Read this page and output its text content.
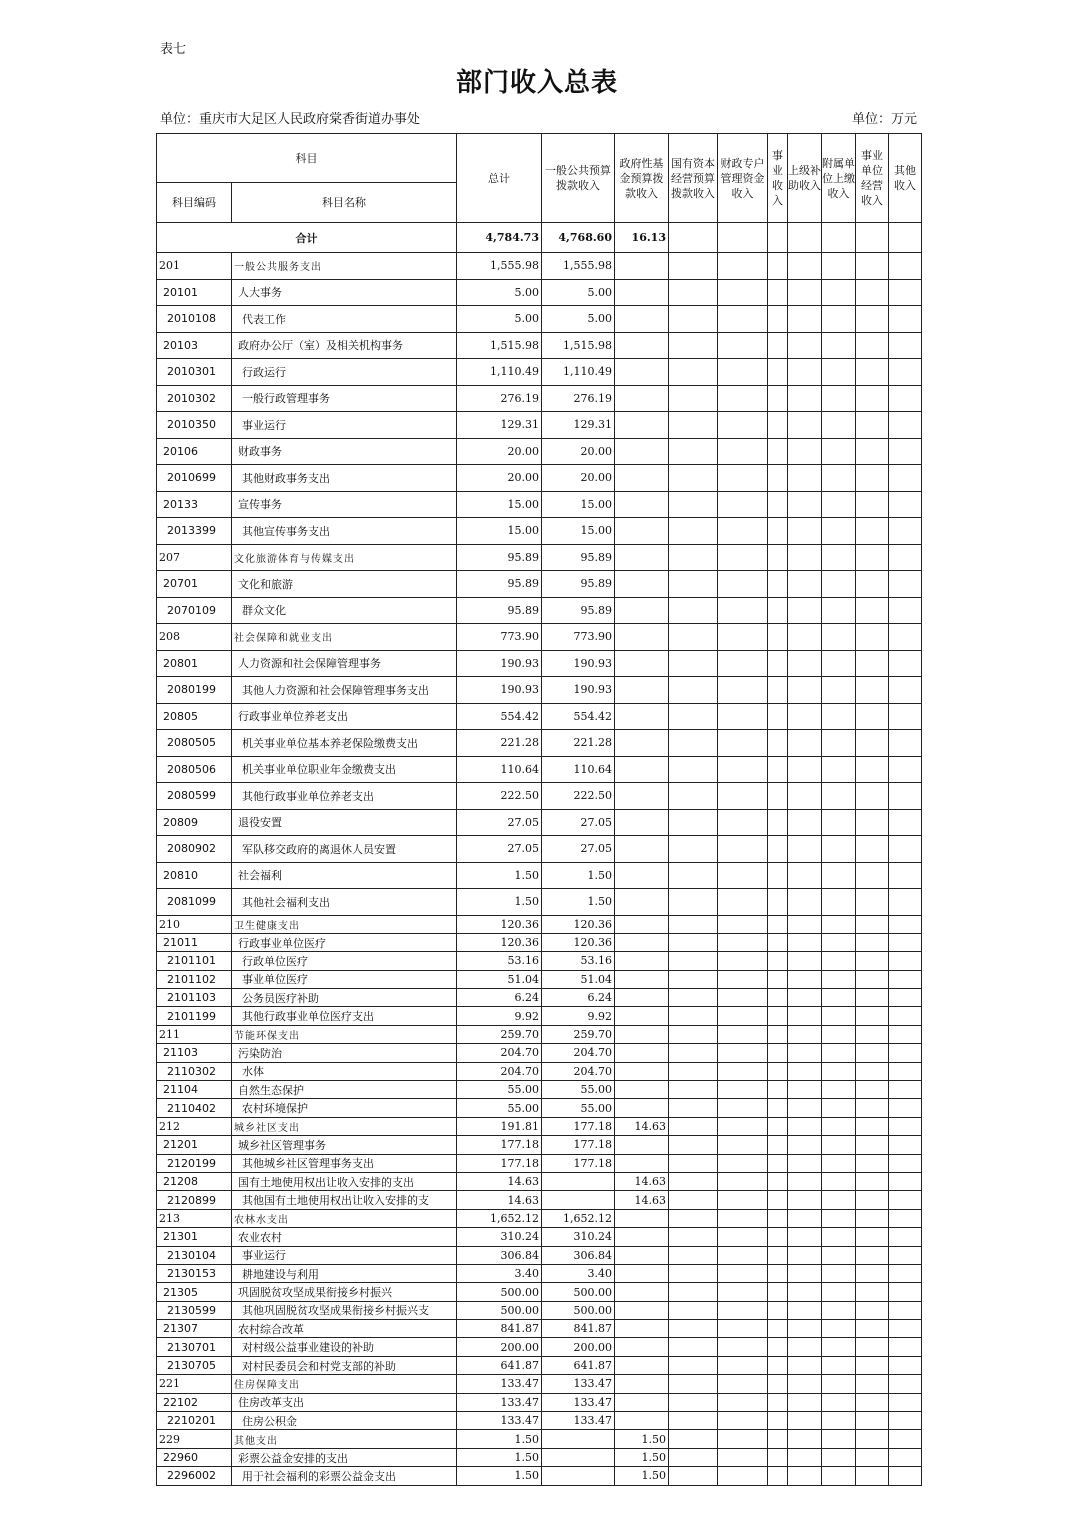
表七
部门收入总表
单位：重庆市大足区人民政府棠香街道办事处	单位：万元
科目		总计	一般公共预算拨款收入	政府性基金预算拨款收入	国有资本经营预算拨款收入	财政专户管理资金收入	事业收入	上级补助收入	附属单位上缴收入	事业单位经营收入	其他收入
科目编码	科目名称										
合计		4,784.73	4,768.60	16.13							
201	一般公共服务支出	1,555.98	1,555.98								
20101	人大事务	5.00	5.00								
2010108	代表工作	5.00	5.00								
20103	政府办公厅（室）及相关机构事务	1,515.98	1,515.98								
2010301	行政运行	1,110.49	1,110.49								
2010302	一般行政管理事务	276.19	276.19								
2010350	事业运行	129.31	129.31								
20106	财政事务	20.00	20.00								
2010699	其他财政事务支出	20.00	20.00								
20133	宣传事务	15.00	15.00								
2013399	其他宣传事务支出	15.00	15.00								
207	文化旅游体育与传媒支出	95.89	95.89								
20701	文化和旅游	95.89	95.89								
2070109	群众文化	95.89	95.89								
208	社会保障和就业支出	773.90	773.90								
20801	人力资源和社会保障管理事务	190.93	190.93								
2080199	其他人力资源和社会保障管理事务支出	190.93	190.93								
20805	行政事业单位养老支出	554.42	554.42								
2080505	机关事业单位基本养老保险缴费支出	221.28	221.28								
2080506	机关事业单位职业年金缴费支出	110.64	110.64								
2080599	其他行政事业单位养老支出	222.50	222.50								
20809	退役安置	27.05	27.05								
2080902	军队移交政府的离退休人员安置	27.05	27.05								
20810	社会福利	1.50	1.50								
2081099	其他社会福利支出	1.50	1.50								
210	卫生健康支出	120.36	120.36								
21011	行政事业单位医疗	120.36	120.36								
2101101	行政单位医疗	53.16	53.16								
2101102	事业单位医疗	51.04	51.04								
2101103	公务员医疗补助	6.24	6.24								
2101199	其他行政事业单位医疗支出	9.92	9.92								
211	节能环保支出	259.70	259.70								
21103	污染防治	204.70	204.70								
2110302	水体	204.70	204.70								
21104	自然生态保护	55.00	55.00								
2110402	农村环境保护	55.00	55.00								
212	城乡社区支出	191.81	177.18	14.63							
21201	城乡社区管理事务	177.18	177.18								
2120199	其他城乡社区管理事务支出	177.18	177.18								
21208	国有土地使用权出让收入安排的支出	14.63		14.63							
2120899	其他国有土地使用权出让收入安排的支	14.63		14.63							
213	农林水支出	1,652.12	1,652.12								
21301	农业农村	310.24	310.24								
2130104	事业运行	306.84	306.84								
2130153	耕地建设与利用	3.40	3.40								
21305	巩固脱贫攻坚成果衔接乡村振兴	500.00	500.00								
2130599	其他巩固脱贫攻坚成果衔接乡村振兴支	500.00	500.00								
21307	农村综合改革	841.87	841.87								
2130701	对村级公益事业建设的补助	200.00	200.00								
2130705	对村民委员会和村党支部的补助	641.87	641.87								
221	住房保障支出	133.47	133.47								
22102	住房改革支出	133.47	133.47								
2210201	住房公积金	133.47	133.47								
229	其他支出	1.50		1.50							
22960	彩票公益金安排的支出	1.50		1.50							
2296002	用于社会福利的彩票公益金支出	1.50		1.50							
